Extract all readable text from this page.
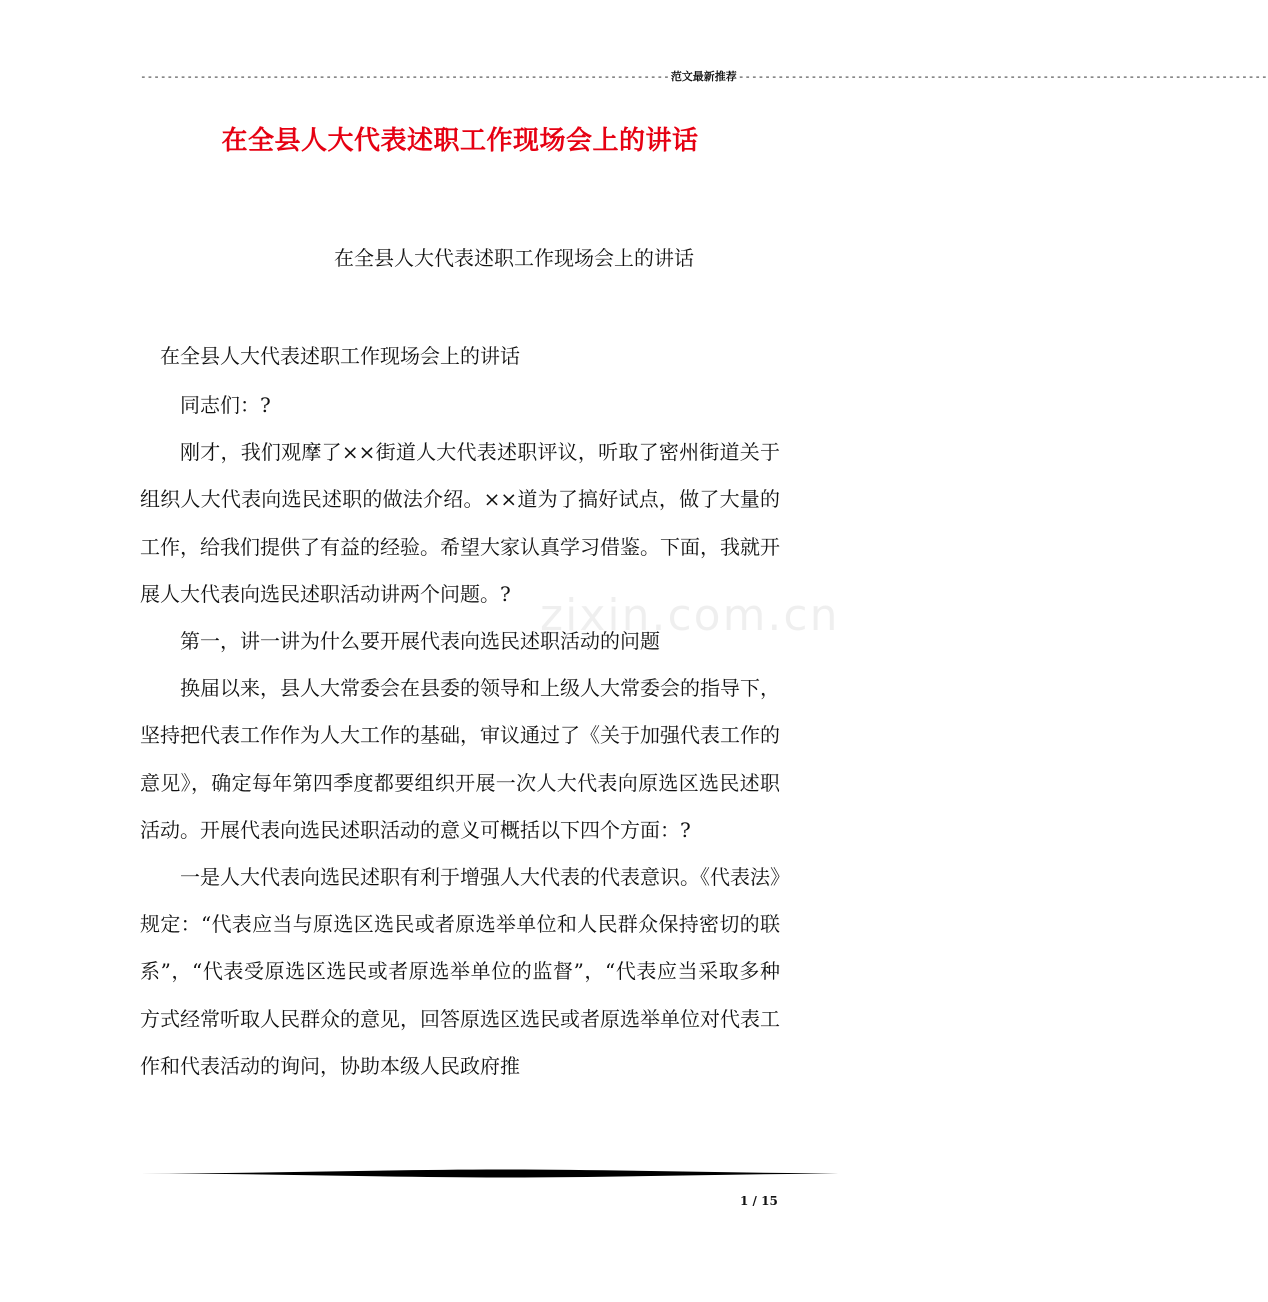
-------------------------------------------------------------------------------- 范文最新推荐 --------------------------------------------------------------------------------
在全县人大代表述职工作现场会上的讲话
在全县人大代表述职工作现场会上的讲话
在全县人大代表述职工作现场会上的讲话

同志们：?

刚才，我们观摩了××街道人大代表述职评议，听取了密州街道关于组织人大代表向选民述职的做法介绍。××道为了搞好试点，做了大量的工作，给我们提供了有益的经验。希望大家认真学习借鉴。下面，我就开展人大代表向选民述职活动讲两个问题。?

第一，讲一讲为什么要开展代表向选民述职活动的问题

换届以来，县人大常委会在县委的领导和上级人大常委会的指导下，坚持把代表工作作为人大工作的基础，审议通过了《关于加强代表工作的意见》，确定每年第四季度都要组织开展一次人大代表向原选区选民述职活动。开展代表向选民述职活动的意义可概括以下四个方面：?

一是人大代表向选民述职有利于增强人大代表的代表意识。《代表法》规定：“代表应当与原选区选民或者原选举单位和人民群众保持密切的联系”，“代表受原选区选民或者原选举单位的监督”，“代表应当采取多种方式经常听取人民群众的意见，回答原选区选民或者原选举单位对代表工作和代表活动的询问，协助本级人民政府推

zixin.com.cn
1 / 15
